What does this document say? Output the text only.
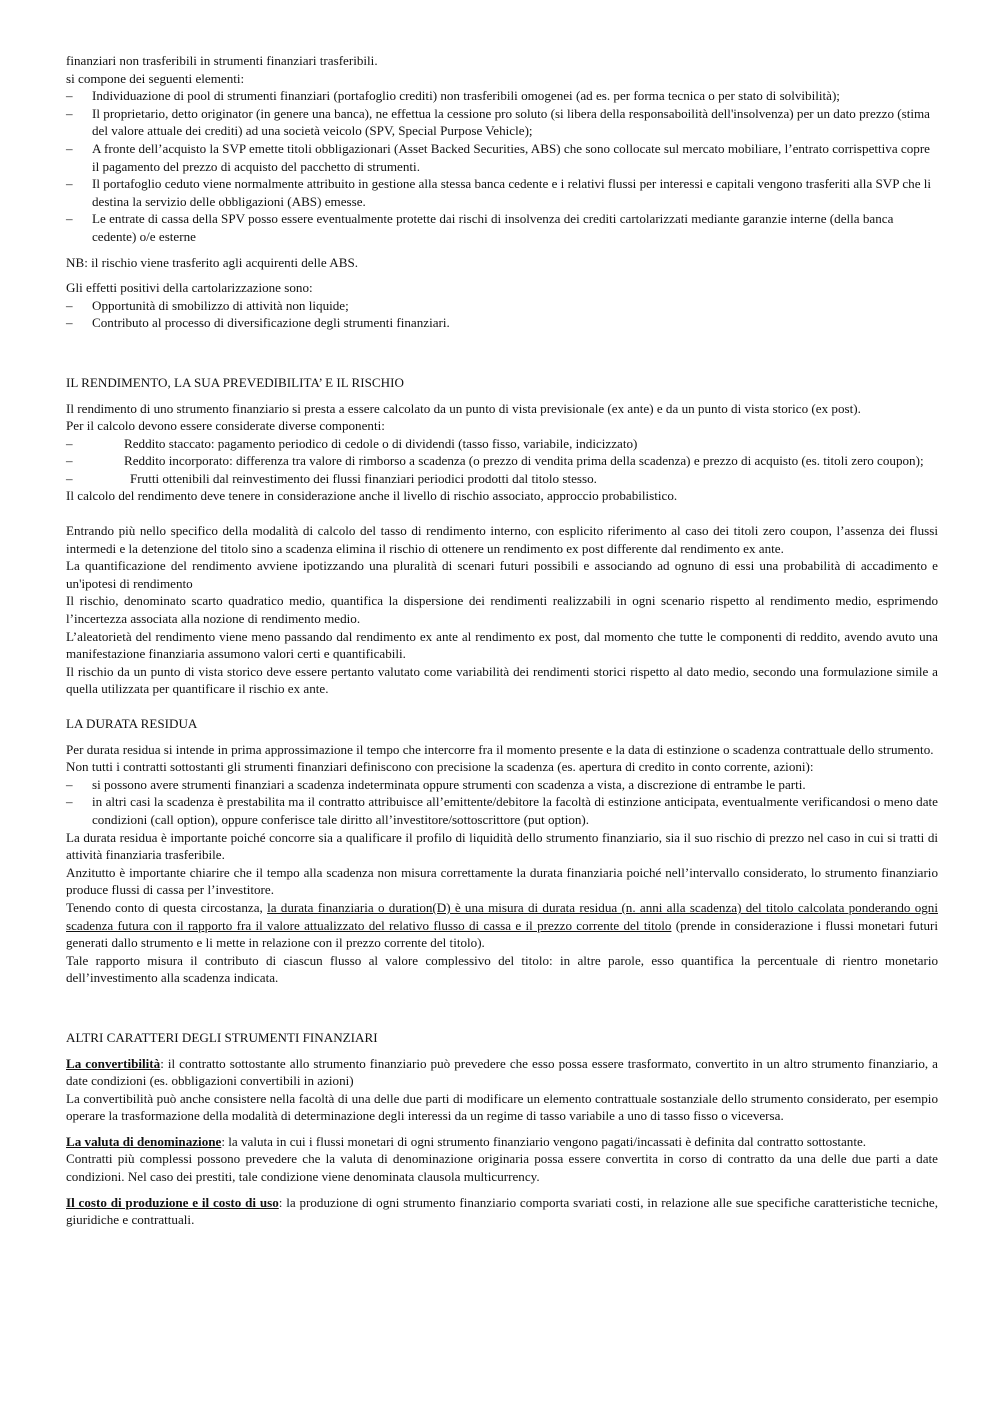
finanziari non trasferibili in strumenti finanziari trasferibili.

si compone dei seguenti elementi:

–	Individuazione di pool di strumenti finanziari (portafoglio crediti) non trasferibili omogenei (ad es. per forma tecnica o per stato di solvibilità);
–	Il proprietario, detto originator (in genere una banca), ne effettua la cessione pro soluto (si libera della responsaboilità dell'insolvenza) per un dato prezzo (stima del valore attuale dei crediti) ad una società veicolo (SPV, Special Purpose Vehicle);
–	A fronte dell’acquisto la SVP emette titoli obbligazionari (Asset Backed Securities, ABS) che sono collocate sul mercato mobiliare, l’entrato corrispettiva copre il pagamento del prezzo di acquisto del pacchetto di strumenti.
–	Il portafoglio ceduto viene normalmente attribuito in gestione alla stessa banca cedente e i relativi flussi per interessi e capitali vengono trasferiti alla SVP che li destina la servizio delle obbligazioni (ABS) emesse.
–	Le entrate di cassa della SPV posso essere eventualmente protette dai rischi di insolvenza dei crediti cartolarizzati mediante garanzie interne (della banca cedente) o/e esterne

NB: il rischio viene trasferito agli acquirenti delle ABS.

Gli effetti positivi della cartolarizzazione sono:

–	Opportunità di smobilizzo di attività non liquide;
–	Contributo al processo di diversificazione degli strumenti finanziari.

IL RENDIMENTO, LA SUA PREVEDIBILITA’ E IL RISCHIO

Il rendimento di uno strumento finanziario si presta a essere calcolato da un punto di vista previsionale (ex ante) e da un punto di vista storico (ex post).

Per il calcolo devono essere considerate diverse componenti:

–	Reddito staccato: pagamento periodico di cedole o di dividendi (tasso fisso, variabile, indicizzato)
–	Reddito incorporato: differenza tra valore di rimborso a scadenza (o prezzo di vendita prima della scadenza) e prezzo di acquisto (es. titoli zero coupon);
–	Frutti ottenibili dal reinvestimento dei flussi finanziari periodici prodotti dal titolo stesso.

Il calcolo del rendimento deve tenere in considerazione anche il livello di rischio associato, approccio probabilistico.

Entrando più nello specifico della modalità di calcolo del tasso di rendimento interno, con esplicito riferimento al caso dei titoli zero coupon, l’assenza dei flussi intermedi e la detenzione del titolo sino a scadenza elimina il rischio di ottenere un rendimento ex post differente dal rendimento ex ante.

La quantificazione del rendimento avviene ipotizzando una pluralità di scenari futuri possibili e associando ad ognuno di essi una probabilità di accadimento e un'ipotesi di rendimento

Il rischio, denominato scarto quadratico medio, quantifica la dispersione dei rendimenti realizzabili in ogni scenario rispetto al rendimento medio, esprimendo l’incertezza associata alla nozione di rendimento medio.

L’aleatorietà del rendimento viene meno passando dal rendimento ex ante al rendimento ex post, dal momento che tutte le componenti di reddito, avendo avuto una manifestazione finanziaria assumono valori certi e quantificabili.

Il rischio da un punto di vista storico deve essere pertanto valutato come variabilità dei rendimenti storici rispetto al dato medio, secondo una formulazione simile a quella utilizzata per quantificare il rischio ex ante.

LA DURATA RESIDUA

Per durata residua si intende in prima approssimazione il tempo che intercorre fra il momento presente e la data di estinzione o scadenza contrattuale dello strumento.

Non tutti i contratti sottostanti gli strumenti finanziari definiscono con precisione la scadenza (es. apertura di credito in conto corrente, azioni):

–	si possono avere strumenti finanziari a scadenza indeterminata oppure strumenti con scadenza a vista, a discrezione di entrambe le parti.
–	in altri casi la scadenza è prestabilita ma il contratto attribuisce all’emittente/debitore la facoltà di estinzione anticipata, eventualmente verificandosi o meno date condizioni (call option), oppure conferisce tale diritto all’investitore/sottoscrittore (put option).

La durata residua è importante poiché concorre sia a qualificare il profilo di liquidità dello strumento finanziario, sia il suo rischio di prezzo nel caso in cui si tratti di attività finanziaria trasferibile.

Anzitutto è importante chiarire che il tempo alla scadenza non misura correttamente la durata finanziaria poiché nell’intervallo considerato, lo strumento finanziario produce flussi di cassa per l’investitore.

Tenendo conto di questa circostanza, la durata finanziaria o duration(D) è una misura di durata residua (n. anni alla scadenza) del titolo calcolata ponderando ogni scadenza futura con il rapporto fra il valore attualizzato del relativo flusso di cassa e il prezzo corrente del titolo (prende in considerazione i flussi monetari futuri generati dallo strumento e li mette in relazione con il prezzo corrente del titolo).

Tale rapporto misura il contributo di ciascun flusso al valore complessivo del titolo: in altre parole, esso quantifica la percentuale di rientro monetario dell’investimento alla scadenza indicata.

ALTRI CARATTERI DEGLI STRUMENTI FINANZIARI

La convertibilità: il contratto sottostante allo strumento finanziario può prevedere che esso possa essere trasformato, convertito in un altro strumento finanziario, a date condizioni (es. obbligazioni convertibili in azioni)

La convertibilità può anche consistere nella facoltà di una delle due parti di modificare un elemento contrattuale sostanziale dello strumento considerato, per esempio operare la trasformazione della modalità di determinazione degli interessi da un regime di tasso variabile a uno di tasso fisso o viceversa.

La valuta di denominazione: la valuta in cui i flussi monetari di ogni strumento finanziario vengono pagati/incassati è definita dal contratto sottostante.

Contratti più complessi possono prevedere che la valuta di denominazione originaria possa essere convertita in corso di contratto da una delle due parti a date condizioni. Nel caso dei prestiti, tale condizione viene denominata clausola multicurrency.

Il costo di produzione e il costo di uso: la produzione di ogni strumento finanziario comporta svariati costi, in relazione alle sue specifiche caratteristiche tecniche, giuridiche e contrattuali.
